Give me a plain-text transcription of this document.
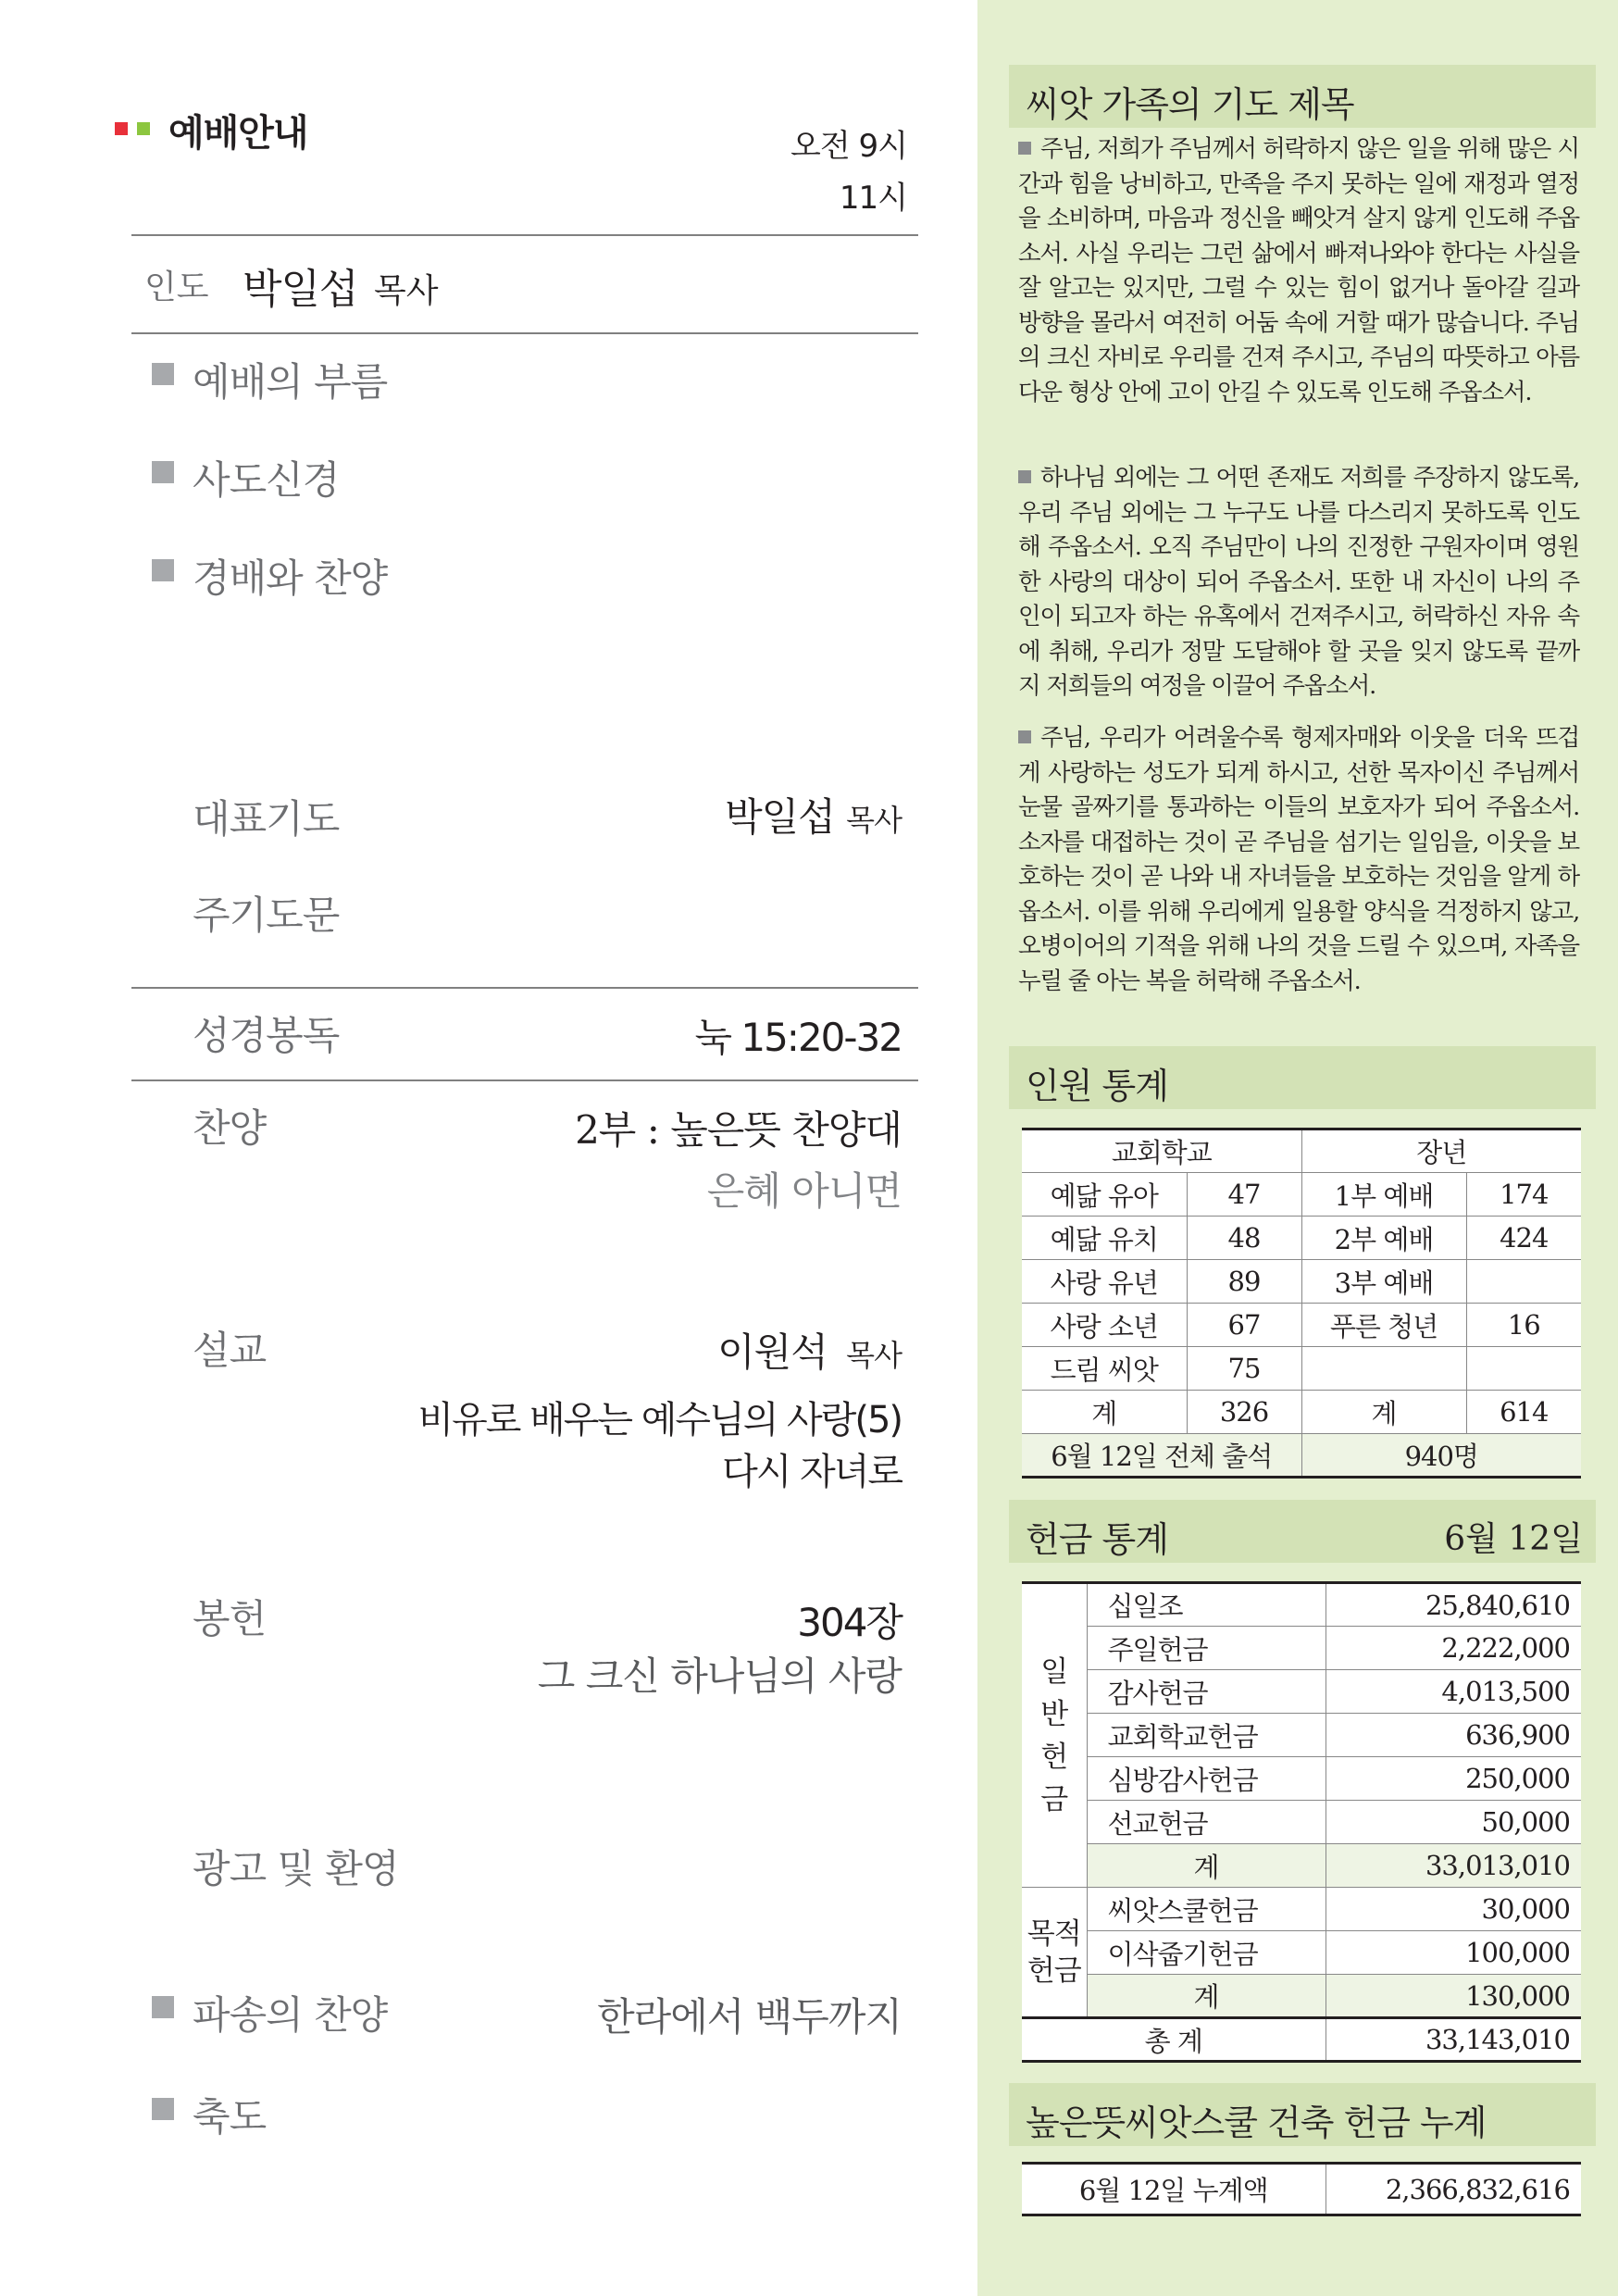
예배안내	오전 9시
11시
인도 박일섭 목사
예배의 부름
사도신경
경배와 찬양
대표기도	박일섭 목사
주기도문
성경봉독	눅 15:20-32
찬양	2부 : 높은뜻 찬양대
은혜 아니면
설교	이원석 목사
비유로 배우는 예수님의 사랑(5)
다시 자녀로
봉헌	304장
그 크신 하나님의 사랑
광고 및 환영
파송의 찬양	한라에서 백두까지
축도
씨앗 가족의 기도 제목
주님, 저희가 주님께서 허락하지 않은 일을 위해 많은 시간과 힘을 낭비하고, 만족을 주지 못하는 일에 재정과 열정을 소비하며, 마음과 정신을 빼앗겨 살지 않게 인도해 주옵소서. 사실 우리는 그런 삶에서 빠져나와야 한다는 사실을 잘 알고는 있지만, 그럴 수 있는 힘이 없거나 돌아갈 길과 방향을 몰라서 여전히 어둠 속에 거할 때가 많습니다. 주님의 크신 자비로 우리를 건져 주시고, 주님의 따뜻하고 아름다운 형상 안에 고이 안길 수 있도록 인도해 주옵소서.
하나님 외에는 그 어떤 존재도 저희를 주장하지 않도록, 우리 주님 외에는 그 누구도 나를 다스리지 못하도록 인도해 주옵소서. 오직 주님만이 나의 진정한 구원자이며 영원한 사랑의 대상이 되어 주옵소서. 또한 내 자신이 나의 주인이 되고자 하는 유혹에서 건져주시고, 허락하신 자유 속에 취해, 우리가 정말 도달해야 할 곳을 잊지 않도록 끝까지 저희들의 여정을 이끌어 주옵소서.
주님, 우리가 어려울수록 형제자매와 이웃을 더욱 뜨겁게 사랑하는 성도가 되게 하시고, 선한 목자이신 주님께서 눈물 골짜기를 통과하는 이들의 보호자가 되어 주옵소서. 소자를 대접하는 것이 곧 주님을 섬기는 일임을, 이웃을 보호하는 것이 곧 나와 내 자녀들을 보호하는 것임을 알게 하옵소서. 이를 위해 우리에게 일용할 양식을 걱정하지 않고, 오병이어의 기적을 위해 나의 것을 드릴 수 있으며, 자족을 누릴 줄 아는 복을 허락해 주옵소서.
인원 통계
교회학교		장년	
예닮 유아	47	1부 예배	174
예닮 유치	48	2부 예배	424
사랑 유년	89	3부 예배	
사랑 소년	67	푸른 청년	16
드림 씨앗	75		
계	326	계	614
6월 12일 전체 출석		940명	
헌금 통계	6월 12일
일
반
헌
금	십일조	25,840,610
	주일헌금	2,222,000
	감사헌금	4,013,500
	교회학교헌금	636,900
	심방감사헌금	250,000
	선교헌금	50,000
	계	33,013,010

목적
헌금	씨앗스쿨헌금	30,000
	이삭줍기헌금	100,000
	계	130,000
총 계		33,143,010
높은뜻씨앗스쿨 건축 헌금 누계
6월 12일 누계액	2,366,832,616
